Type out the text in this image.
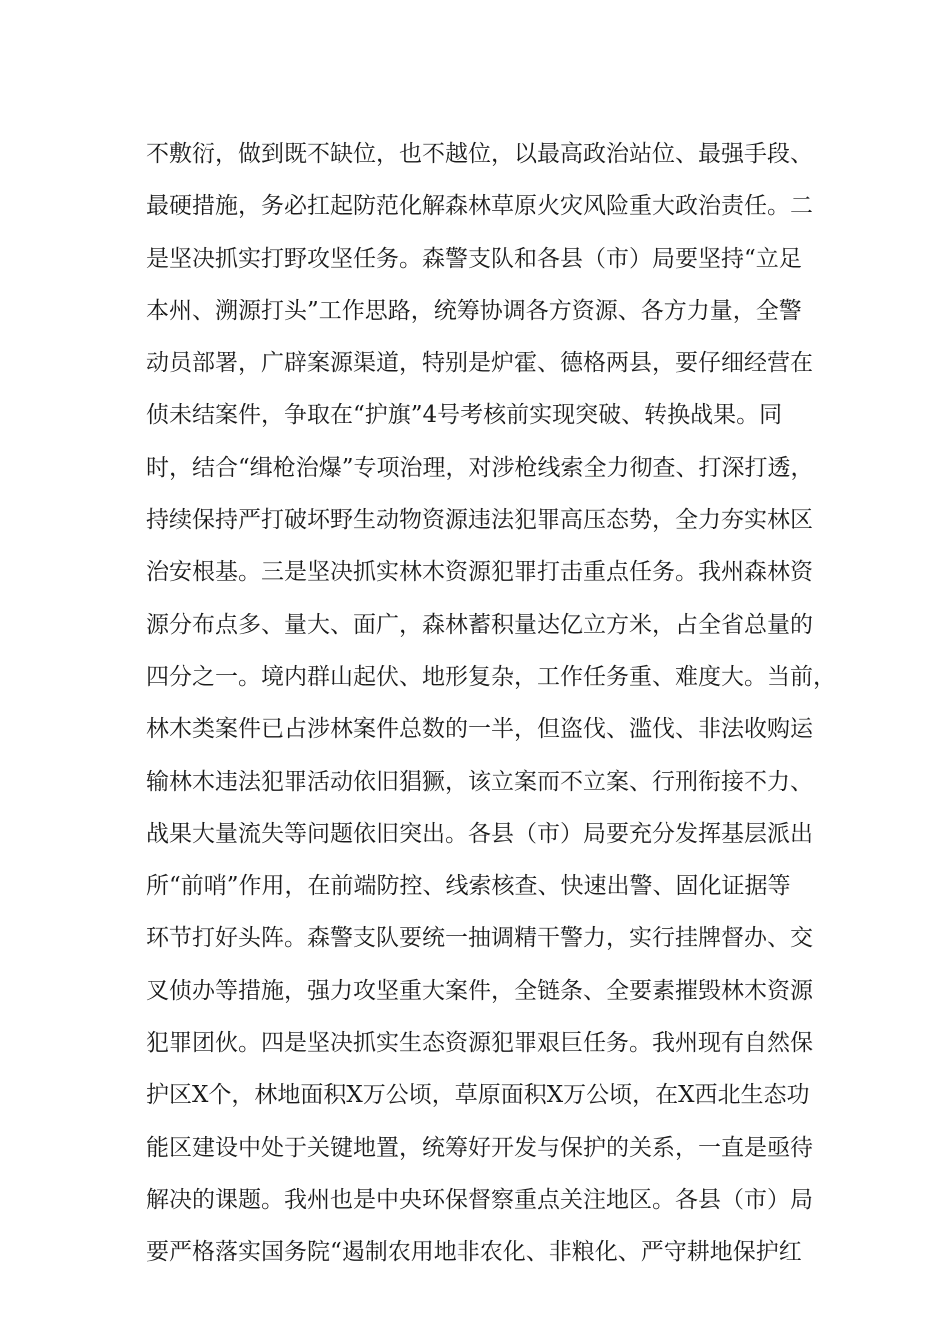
不敷衍，做到既不缺位，也不越位，以最高政治站位、最强手段、
最硬措施，务必扛起防范化解森林草原火灾风险重大政治责任。二
是坚决抓实打野攻坚任务。森警支队和各县（市）局要坚持“立足
本州、溯源打头”工作思路，统筹协调各方资源、各方力量，全警
动员部署，广辟案源渠道，特别是炉霍、德格两县，要仔细经营在
侦未结案件，争取在“护旗”4号考核前实现突破、转换战果。同
时，结合“缉枪治爆”专项治理，对涉枪线索全力彻查、打深打透，
持续保持严打破坏野生动物资源违法犯罪高压态势，全力夯实林区
治安根基。三是坚决抓实林木资源犯罪打击重点任务。我州森林资
源分布点多、量大、面广，森林蓄积量达亿立方米，占全省总量的
四分之一。境内群山起伏、地形复杂，工作任务重、难度大。当前，
林木类案件已占涉林案件总数的一半，但盗伐、滥伐、非法收购运
输林木违法犯罪活动依旧猖獗，该立案而不立案、行刑衔接不力、
战果大量流失等问题依旧突出。各县（市）局要充分发挥基层派出
所“前哨”作用，在前端防控、线索核查、快速出警、固化证据等
环节打好头阵。森警支队要统一抽调精干警力，实行挂牌督办、交
叉侦办等措施，强力攻坚重大案件，全链条、全要素摧毁林木资源
犯罪团伙。四是坚决抓实生态资源犯罪艰巨任务。我州现有自然保
护区X个，林地面积X万公顷，草原面积X万公顷，在X西北生态功
能区建设中处于关键地置，统筹好开发与保护的关系，一直是亟待
解决的课题。我州也是中央环保督察重点关注地区。各县（市）局
要严格落实国务院“遏制农用地非农化、非粮化、严守耕地保护红
